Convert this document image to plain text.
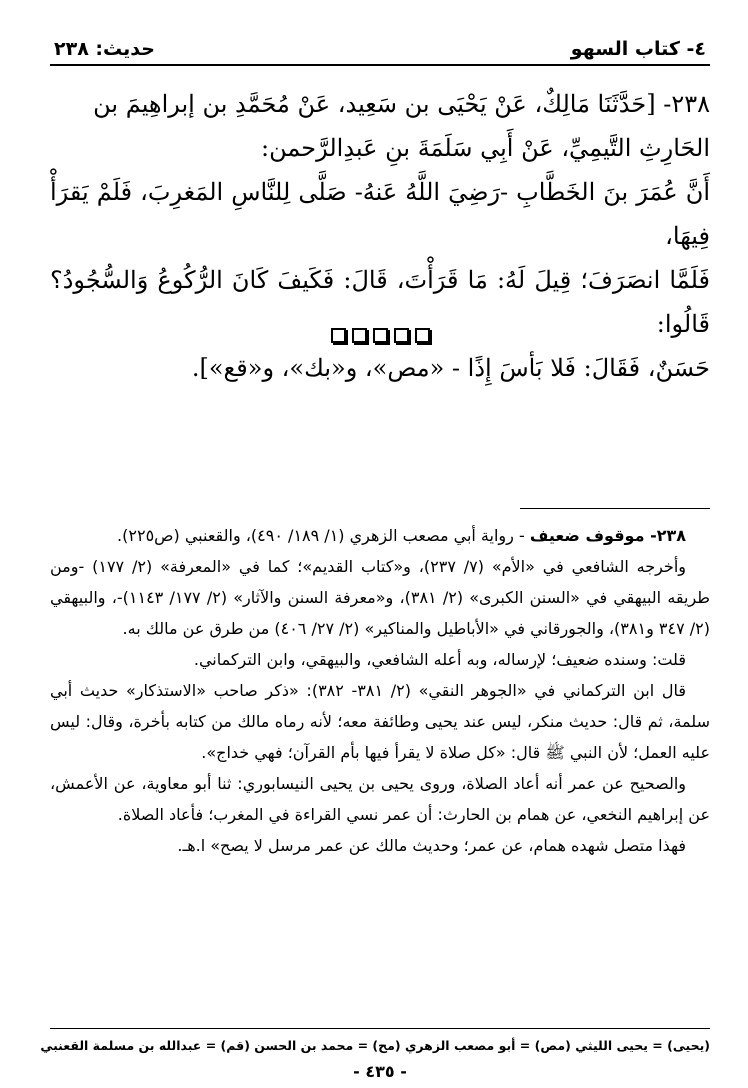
٤- كتاب السهو
حديث: ٢٣٨

٢٣٨- [حَدَّثَنَا مَالِكٌ، عَنْ يَحْيَى بن سَعِيد، عَنْ مُحَمَّدِ بن إبراهِيمَ بن

الحَارِثِ التَّيمِيِّ، عَنْ أَبِي سَلَمَةَ بنِ عَبدِالرَّحمن:

أَنَّ عُمَرَ بنَ الخَطَّابِ -رَضِيَ اللَّهُ عَنهُ- صَلَّى لِلنَّاسِ المَغرِبَ، فَلَمْ يَقرَأْ فِيهَا،

فَلَمَّا انصَرَفَ؛ قِيلَ لَهُ: مَا قَرَأْتَ، قَالَ: فَكَيفَ كَانَ الرُّكُوعُ وَالسُّجُودُ؟ قَالُوا:

حَسَنٌ، فَقَالَ: فَلا بَأسَ إِذًا - «مص»، و«بك»، و«قع»].

٢٣٨- موقوف ضعيف - رواية أبي مصعب الزهري (١/ ١٨٩/ ٤٩٠)، والقعنبي (ص٢٢٥).

وأخرجه الشافعي في «الأم» (٧/ ٢٣٧)، و«كتاب القديم»؛ كما في «المعرفة» (٢/ ١٧٧) -ومن طريقه البيهقي في «السنن الكبرى» (٢/ ٣٨١)، و«معرفة السنن والآثار» (٢/ ١٧٧/ ١١٤٣)-، والبيهقي (٢/ ٣٤٧ و٣٨١)، والجورقاني في «الأباطيل والمناكير» (٢/ ٢٧/ ٤٠٦) من طرق عن مالك به.

قلت: وسنده ضعيف؛ لإرساله، وبه أعله الشافعي، والبيهقي، وابن التركماني.

قال ابن التركماني في «الجوهر النقي» (٢/ ٣٨١- ٣٨٢): «ذكر صاحب «الاستذكار» حديث أبي سلمة، ثم قال: حديث منكر، ليس عند يحيى وطائفة معه؛ لأنه رماه مالك من كتابه بأخرة، وقال: ليس عليه العمل؛ لأن النبي ﷺ قال: «كل صلاة لا يقرأ فيها بأم القرآن؛ فهي خداج».

والصحيح عن عمر أنه أعاد الصلاة، وروى يحيى بن يحيى النيسابوري: ثنا أبو معاوية، عن الأعمش، عن إبراهيم النخعي، عن همام بن الحارث: أن عمر نسي القراءة في المغرب؛ فأعاد الصلاة.

فهذا متصل شهده همام، عن عمر؛ وحديث مالك عن عمر مرسل لا يصح» ا.هـ.

(يحيى) = يحيى الليثي (مص) = أبو مصعب الزهري (مح) = محمد بن الحسن (قم) = عبدالله بن مسلمة القعنبي
- ٤٣٥ -
